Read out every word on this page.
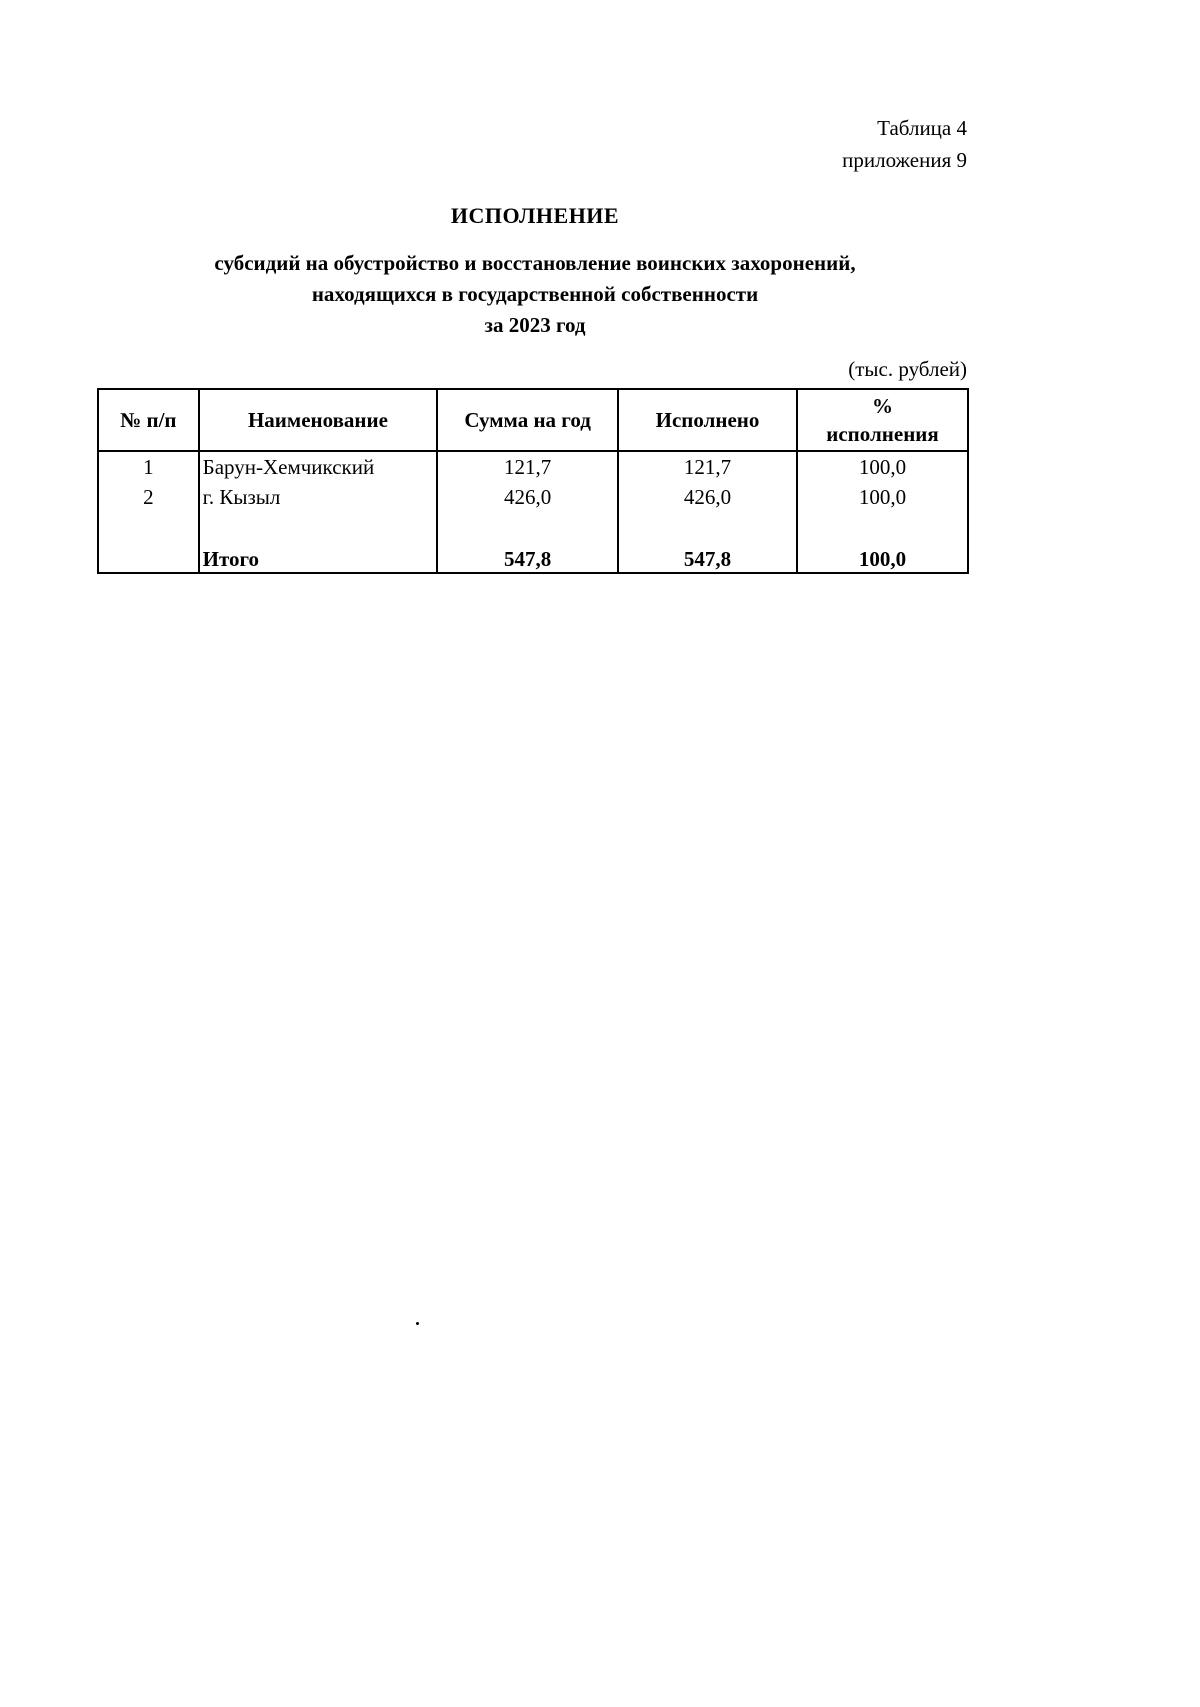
Таблица 4
приложения 9
ИСПОЛНЕНИЕ
субсидий на обустройство и восстановление воинских захоронений,
находящихся в государственной собственности
за 2023 год
(тыс. рублей)
№ п/п	Наименование	Сумма на год	Исполнено	%
исполнения

1	Барун-Хемчикский	121,7	121,7	100,0
2	г. Кызыл	426,0	426,0	100,0

	Итого	547,8	547,8	100,0
